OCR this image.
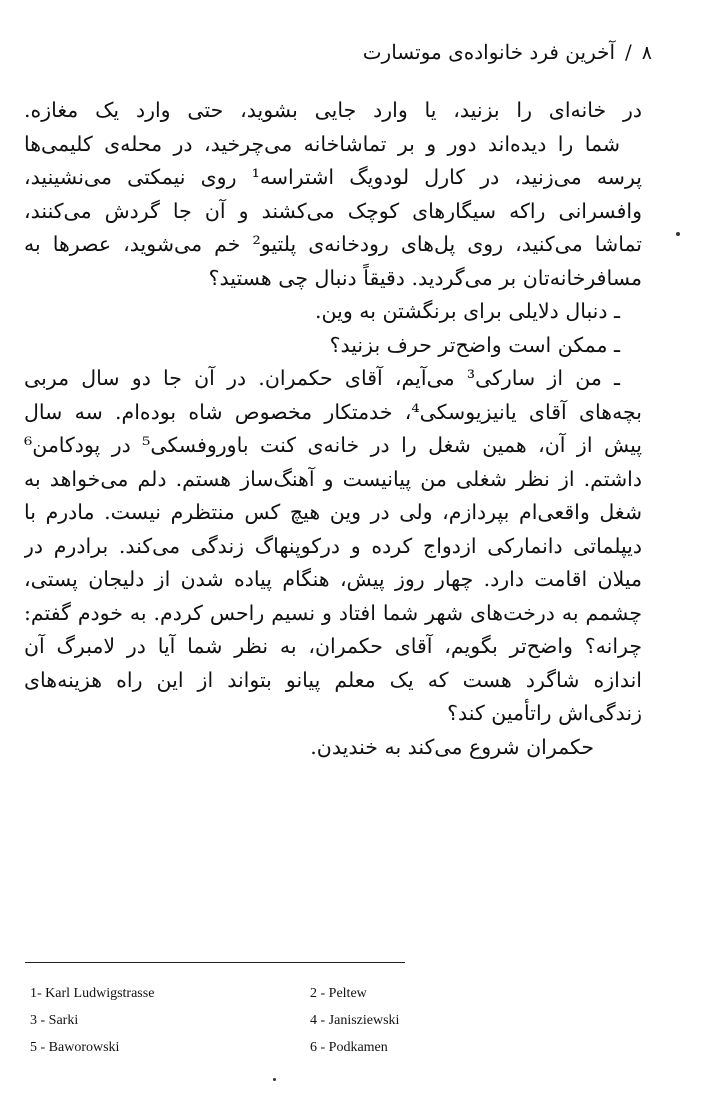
۸/آخرین فرد خانواده‌ی موتسارت
در خانه‌ای را بزنید، یا وارد جایی بشوید، حتی وارد یک مغازه.
شما را دیده‌اند دور و بر تماشاخانه می‌چرخید، در محله‌ی کلیمی‌ها
پرسه می‌زنید، در کارل لودویگ اشتراسه¹ روی نیمکتی می‌نشینید،
وافسرانی راکه سیگارهای کوچک می‌کشند و آن جا گردش می‌کنند،
تماشا می‌کنید، روی پل‌های رودخانه‌ی پلتیو² خم می‌شوید، عصرها به
مسافرخانه‌تان بر می‌گردید. دقیقاً دنبال چی هستید؟
ـ دنبال دلایلی برای برنگشتن به وین.
ـ ممکن است واضح‌تر حرف بزنید؟
ـ من از سارکی³ می‌آیم، آقای حکمران. در آن جا دو سال مربی
بچه‌های آقای یانیزیوسکی⁴، خدمتکار مخصوص شاه بوده‌ام. سه سال
پیش از آن، همین شغل را در خانه‌ی کنت باوروفسکی⁵ در پودکامن⁶
داشتم. از نظر شغلی من پیانیست و آهنگ‌ساز هستم. دلم می‌خواهد به
شغل واقعی‌ام بپردازم، ولی در وین هیچ کس منتظرم نیست. مادرم با
دیپلماتی دانمارکی ازدواج کرده و درکوپنهاگ زندگی می‌کند. برادرم در
میلان اقامت دارد. چهار روز پیش، هنگام پیاده شدن از دلیجان پستی،
چشمم به درخت‌های شهر شما افتاد و نسیم راحس کردم. به خودم گفتم:
چرانه؟ واضح‌تر بگویم، آقای حکمران، به نظر شما آیا در لامبرگ آن
اندازه شاگرد هست که یک معلم پیانو بتواند از این راه هزینه‌های
زندگی‌اش راتأمین کند؟
حکمران شروع می‌کند به خندیدن.
1- Karl Ludwigstrasse	2 - Peltew
3 - Sarki	4 - Janisziewski
5 - Baworowski	6 - Podkamen
